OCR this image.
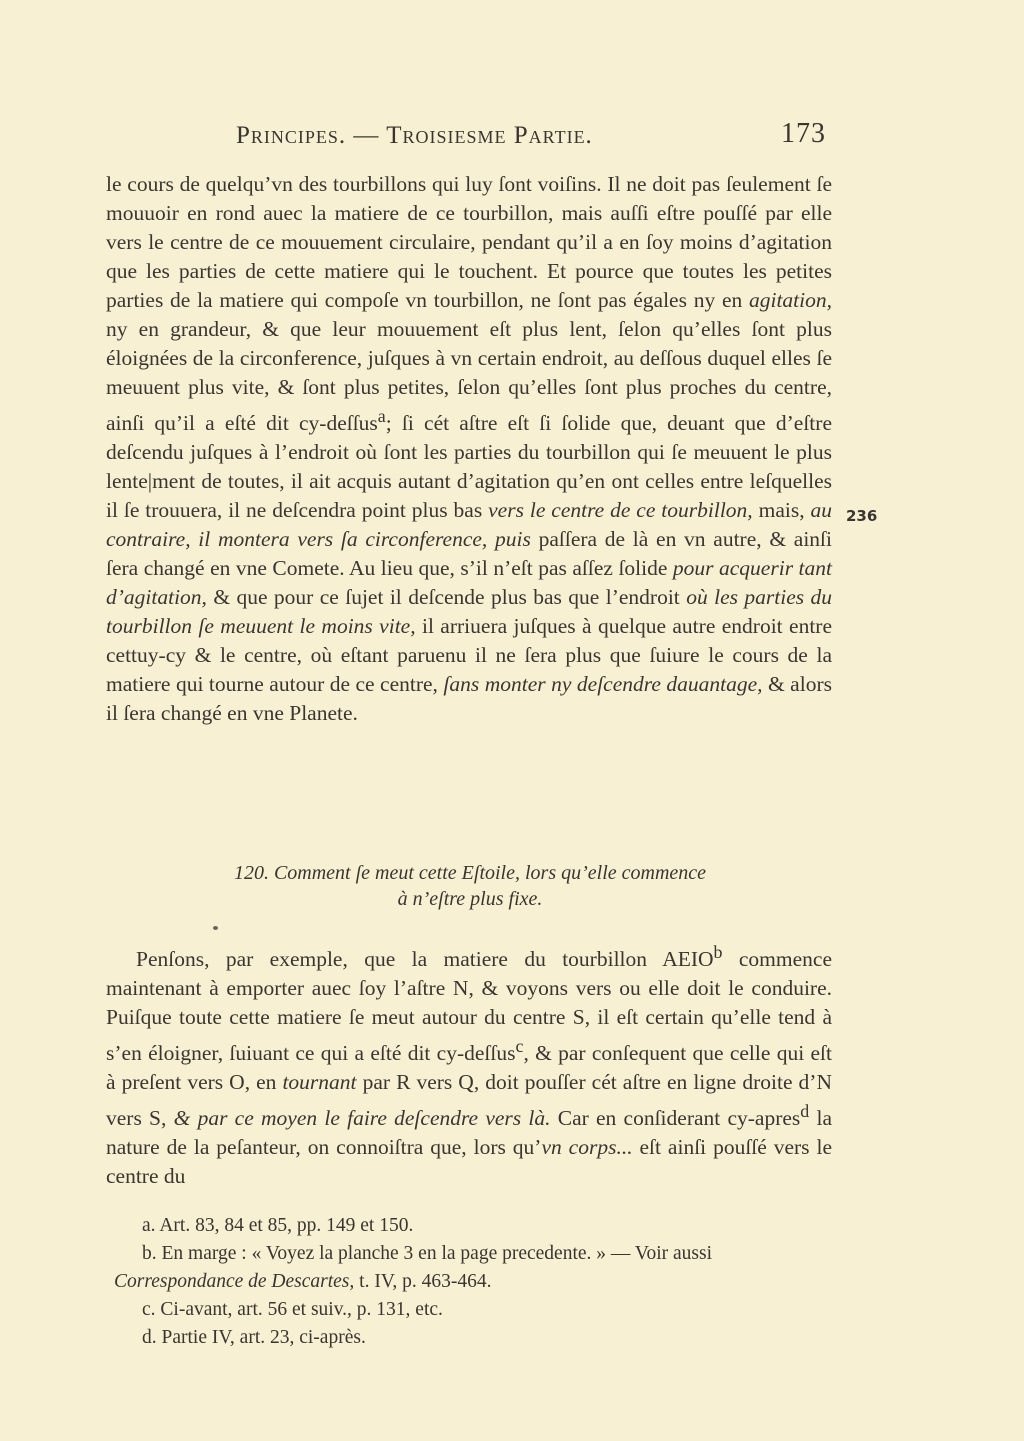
Principes. — Troisiesme Partie.	173
le cours de quelqu’vn des tourbillons qui luy ſont voiſins. Il ne doit pas ſeulement ſe mouuoir en rond auec la matiere de ce tourbillon, mais auſſi eſtre pouſſé par elle vers le centre de ce mouuement circulaire, pendant qu’il a en ſoy moins d’agitation que les parties de cette matiere qui le touchent. Et pource que toutes les petites parties de la matiere qui compoſe vn tourbillon, ne ſont pas égales ny en agitation, ny en grandeur, & que leur mouuement eſt plus lent, ſelon qu’elles ſont plus éloignées de la circonference, juſques à vn certain endroit, au deſſous duquel elles ſe meuuent plus vite, & ſont plus petites, ſelon qu’elles ſont plus proches du centre, ainſi qu’il a eſté dit cy-deſſus$^a$; ſi cét aſtre eſt ſi ſolide que, deuant que d’eſtre deſcendu juſques à l’endroit où ſont les parties du tourbillon qui ſe meuuent le plus lente|ment de toutes, il ait acquis autant d’agitation qu’en ont celles entre leſquelles il ſe trouuera, il ne deſcendra point plus bas vers le centre de ce tourbillon, mais, au contraire, il montera vers ſa circonference, puis paſſera de là en vn autre, & ainſi ſera changé en vne Comete. Au lieu que, s’il n’eſt pas aſſez ſolide pour acquerir tant d’agitation, & que pour ce ſujet il deſcende plus bas que l’endroit où les parties du tourbillon ſe meuuent le moins vite, il arriuera juſques à quelque autre endroit entre cettuy-cy & le centre, où eſtant paruenu il ne ſera plus que ſuiure le cours de la matiere qui tourne autour de ce centre, ſans monter ny deſcendre dauantage, & alors il ſera changé en vne Planete.
236
120. Comment ſe meut cette Eſtoile, lors qu’elle commence
à n’eſtre plus fixe.
Penſons, par exemple, que la matiere du tourbillon AEIO$^b$ commence maintenant à emporter auec ſoy l’aſtre N, & voyons vers ou elle doit le conduire. Puiſque toute cette matiere ſe meut autour du centre S, il eſt certain qu’elle tend à s’en éloigner, ſuiuant ce qui a eſté dit cy-deſſus$^c$, & par conſequent que celle qui eſt à preſent vers O, en tournant par R vers Q, doit pouſſer cét aſtre en ligne droite d’N vers S, & par ce moyen le faire deſcendre vers là. Car en conſiderant cy-apres$^d$ la nature de la peſanteur, on connoiſtra que, lors qu’vn corps... eſt ainſi pouſſé vers le centre du
a. Art. 83, 84 et 85, pp. 149 et 150.
b. En marge : « Voyez la planche 3 en la page precedente. » — Voir aussi Correspondance de Descartes, t. IV, p. 463-464.
c. Ci-avant, art. 56 et suiv., p. 131, etc.
d. Partie IV, art. 23, ci-après.
